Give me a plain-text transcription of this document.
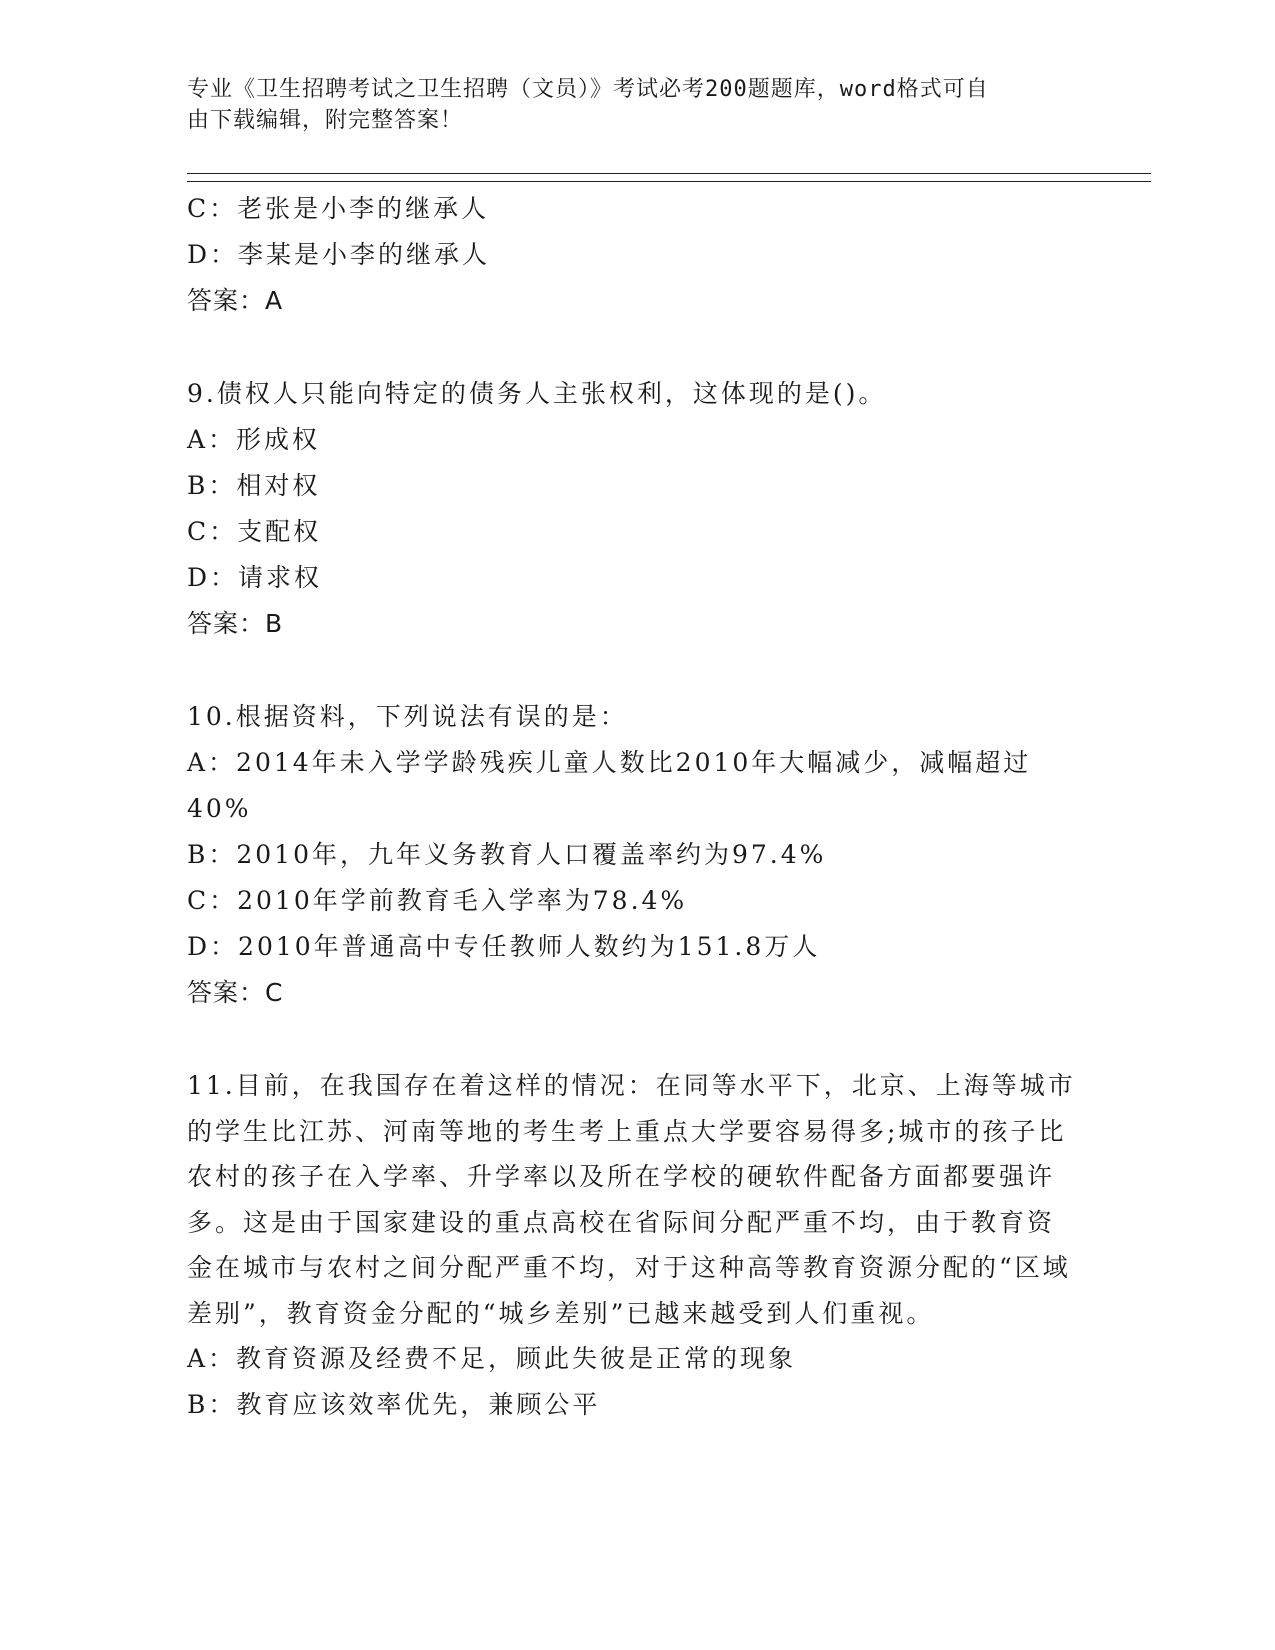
专业《卫生招聘考试之卫生招聘（文员）》考试必考200题题库，word格式可自
由下载编辑，附完整答案！
C：老张是小李的继承人
D：李某是小李的继承人
答案：A
9.债权人只能向特定的债务人主张权利，这体现的是()。
A：形成权
B：相对权
C：支配权
D：请求权
答案：B
10.根据资料，下列说法有误的是：
A：2014年未入学学龄残疾儿童人数比2010年大幅减少，减幅超过
40%
B：2010年，九年义务教育人口覆盖率约为97.4%
C：2010年学前教育毛入学率为78.4%
D：2010年普通高中专任教师人数约为151.8万人
答案：C
11.目前，在我国存在着这样的情况：在同等水平下，北京、上海等城市的学生比江苏、河南等地的考生考上重点大学要容易得多;城市的孩子比农村的孩子在入学率、升学率以及所在学校的硬软件配备方面都要强许多。这是由于国家建设的重点高校在省际间分配严重不均，由于教育资金在城市与农村之间分配严重不均，对于这种高等教育资源分配的“区域差别”，教育资金分配的“城乡差别”已越来越受到人们重视。
A：教育资源及经费不足，顾此失彼是正常的现象
B：教育应该效率优先，兼顾公平
